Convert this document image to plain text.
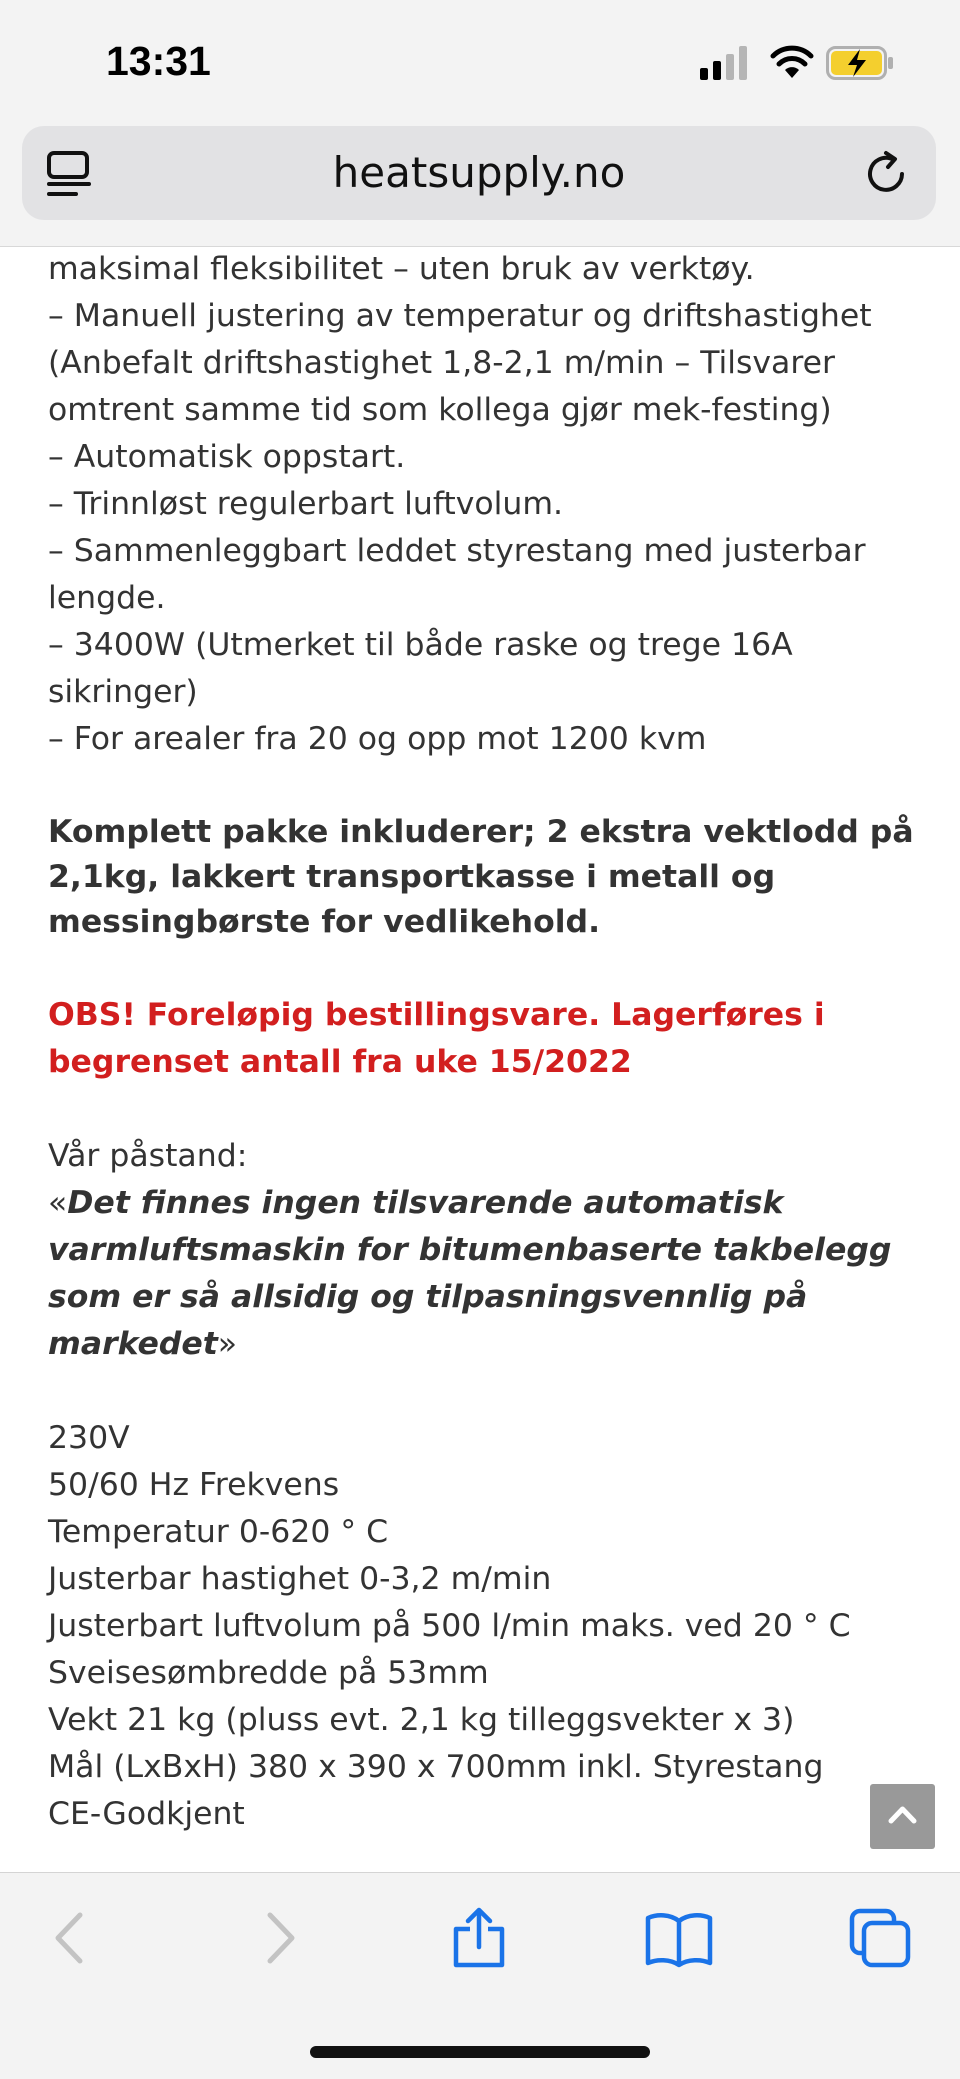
13:31
heatsupply.no

maksimal fleksibilitet – uten bruk av verktøy.

– Manuell justering av temperatur og driftshastighet (Anbefalt driftshastighet 1,8-2,1 m/min – Tilsvarer omtrent samme tid som kollega gjør mek-festing)

– Automatisk oppstart.

– Trinnløst regulerbart luftvolum.

– Sammenleggbart leddet styrestang med justerbar lengde.

– 3400W (Utmerket til både raske og trege 16A sikringer)

– For arealer fra 20 og opp mot 1200 kvm

Komplett pakke inkluderer; 2 ekstra vektlodd på 2,1kg, lakkert transportkasse i metall og messingbørste for vedlikehold.

OBS! Foreløpig bestillingsvare. Lagerføres i begrenset antall fra uke 15/2022

Vår påstand:

«Det finnes ingen tilsvarende automatisk varmluftsmaskin for bitumenbaserte takbelegg som er så allsidig og tilpasningsvennlig på markedet»

230V

50/60 Hz Frekvens

Temperatur 0-620 ° C

Justerbar hastighet 0-3,2 m/min

Justerbart luftvolum på 500 l/min maks. ved 20 ° C

Sveisesømbredde på 53mm

Vekt 21 kg (pluss evt. 2,1 kg tilleggsvekter x 3)

Mål (LxBxH) 380 x 390 x 700mm inkl. Styrestang

CE-Godkjent
